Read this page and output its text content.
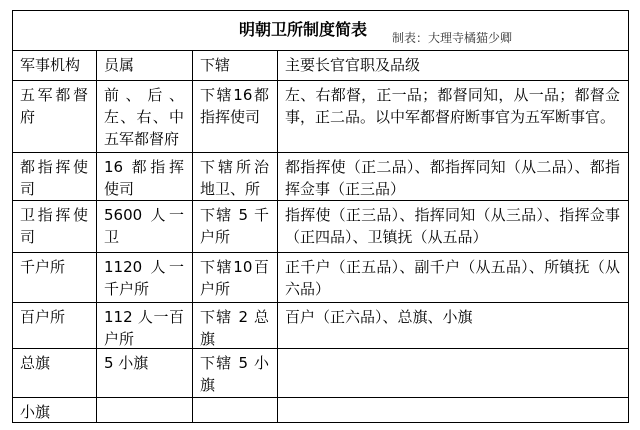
明朝卫所制度简表 制表：大理寺橘猫少卿			

军事机构	员属	下辖	主要长官官职及品级

五军都督府	前、后、左、右、中五军都督府	下辖16都指挥使司	左、右都督，正一品；都督同知，从一品；都督佥事，正二品。以中军都督府断事官为五军断事官。

都指挥使司	16 都指挥使司	下辖所治地卫、所	都指挥使（正二品）、都指挥同知（从二品）、都指挥佥事（正三品）

卫指挥使司	5600 人一卫	下辖 5 千户所	指挥使（正三品）、指挥同知（从三品）、指挥佥事（正四品）、卫镇抚（从五品）

千户所	1120 人一千户所	下辖10百户所	正千户（正五品）、副千户（从五品）、所镇抚（从六品）

百户所	112 人一百户所	下辖 2 总旗	百户（正六品）、总旗、小旗

总旗	5 小旗	下辖 5 小旗	

小旗			
